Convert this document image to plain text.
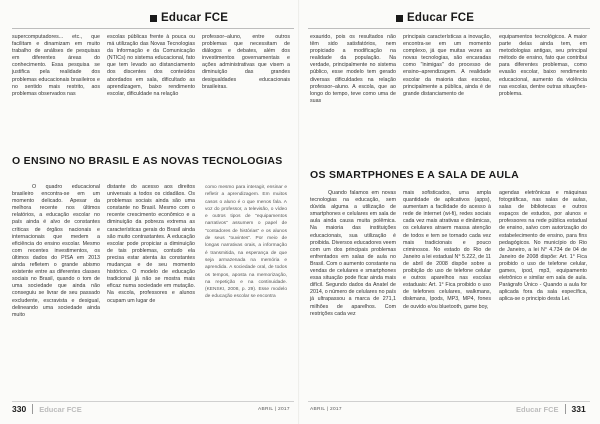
Educar FCE

supercomputadores... etc., que facilitam e dinamizam em muito trabalho de análises de pesquisas em diferentes áreas do conhecimento. Essa pesquisa se justifica pela realidade dos problemas educacionais brasileiros e no sentido mais restrito, aos problemas observados nas

escolas públicas frente à pouca ou má utilização das Novas Tecnologias da Informação e da Comunicação (NTICs) no sistema educacional, fato que tem levado ao distanciamento dos discentes dos conteúdos abordados em sala, dificultado as aprendizagem, baixo rendimento escolar, dificuldade na relação

professor–aluno, entre outros problemas que necessitam de diálogos e debates, além dos investimentos governamentais e ações administrativas que visem a diminuição das grandes desigualdades educacionais brasileiras.

O ENSINO NO BRASIL E AS NOVAS TECNOLOGIAS

O quadro educacional brasileiro encontra-se em um momento delicado. Apesar da melhora recente nos últimos relatórios, a educação escolar no país ainda é alvo de constantes críticas de órgãos nacionais e internacionais que medem a eficiência do ensino escolar. Mesmo com recentes investimentos, os últimos dados do PISA em 2013 ainda refletem o grande abismo existente entre as diferentes classes sociais no Brasil, quando o tom de uma sociedade que ainda não conseguiu se livrar de seu passado excludente, escravista e desigual, delineando uma sociedade ainda muito

distante do acesso aos direitos universais a todos os cidadãos. Os problemas sociais ainda são uma constante no Brasil. Mesmo com o recente crescimento econômico e a diminuição da pobreza extrema as características gerais do Brasil ainda são muito contrastantes. A educação escolar pode propiciar a diminuição de tais problemas, contudo ela precisa estar atenta às constantes mudanças e de seu momento histórico. O modelo de educação tradicional já não se mostra mais eficaz numa sociedade em mutação. Na escola, professores e alunos ocupam um lugar de

como mesmo para interagir, ensinar e refletir a aprendizagem. Em muitos casos o aluno é o que menos fala. A voz do professor, a televisão, o vídeo e outros tipos de "equipamentos narrativos" assumem o papel de "contadores de histórias" e os alunos de seus "ouvintes". Por meio de longas narrativas orais, a informação é transmitida, na esperança de que seja armazenada na memória e aprendida. A sociedade oral, de todos os tempos, aposta na memorização, na repetição e na continuidade. (KENSKI, 2008, p. 29). Esse modelo de educação escolar se encontra

330 Educar FCE	ABRIL | 2017
Educar FCE

exaurido, pois os resultados não têm sido satisfatórios, nem propiciado a modificação na realidade da população. Na verdade, principalmente no sistema público, esse modelo tem gerado diversas dificuldades na relação professor–aluno. A escola, que ao longo do tempo, teve como uma de suas

principais características a inovação, encontra-se em um momento complexo, já que muitas vezes as novas tecnologias, são encaradas como "inimigas" do processo de ensino–aprendizagem. A realidade escolar da maioria das escolas, principalmente a pública, ainda é de grande distanciamento de

equipamentos tecnológicos. A maior parte delas ainda tem, em metodologias antigas, seu principal método de ensino, fato que contribui para diferentes problemas, como evasão escolar, baixo rendimento educacional, aumento da violência nas escolas, dentre outras situações-problema.

OS SMARTPHONES E A SALA DE AULA

Quando falamos em novas tecnologias na educação, sem dúvida alguma a utilização de smartphones e celulares em sala de aula ainda causa muita polêmica. Na maioria das instituições educacionais, sua utilização é proibida. Diversos educadores veem com um dos principais problemas enfrentados em salas de aula no Brasil. Com o aumento constante na vendas de celulares e smartphones essa situação pode ficar ainda mais difícil. Segundo dados da Anatel de 2014, o número de celulares no país já ultrapassou a marca de 271,1 milhões de aparelhos. Com restrições cada vez

mais sofisticados, uma ampla quantidade de aplicativos (apps), aumentam a facilidade do acesso à rede de internet (wi-fi), redes sociais cada vez mais atrativas e dinâmicas, os celulares atraem massa atenção de todos e tem se tornado cada vez mais tradicionais e pouco criminosos. No estado do Rio de Janeiro a lei estadual N° 5.222, de 11 de abril de 2008 dispõe sobre a proibição do uso de telefone celular e outros aparelhos nas escolas estaduais: Art. 1° Fica proibido o uso de telefones celulares, walkmans, diskmans, Ipods, MP3, MP4, fones de ouvido e/ou bluetooth, game boy,

agendas eletrônicas e máquinas fotográficas, nas salas de aulas, salas de bibliotecas e outros espaços de estudos, por alunos e professores na rede pública estadual de ensino, salvo com autorização do estabelecimento de ensino, para fins pedagógicos. No município do Rio de Janeiro, a lei N° 4.734 de 04 de Janeiro de 2008 dispõe: Art. 1° Fica proibido o uso de telefone celular, games, ipod, mp3, equipamento eletrônico e similar em sala de aula. Parágrafo Único - Quando a aula for aplicada fora da sala específica, aplica-se o principio desta Lei.

ABRIL | 2017	Educar FCE 331
